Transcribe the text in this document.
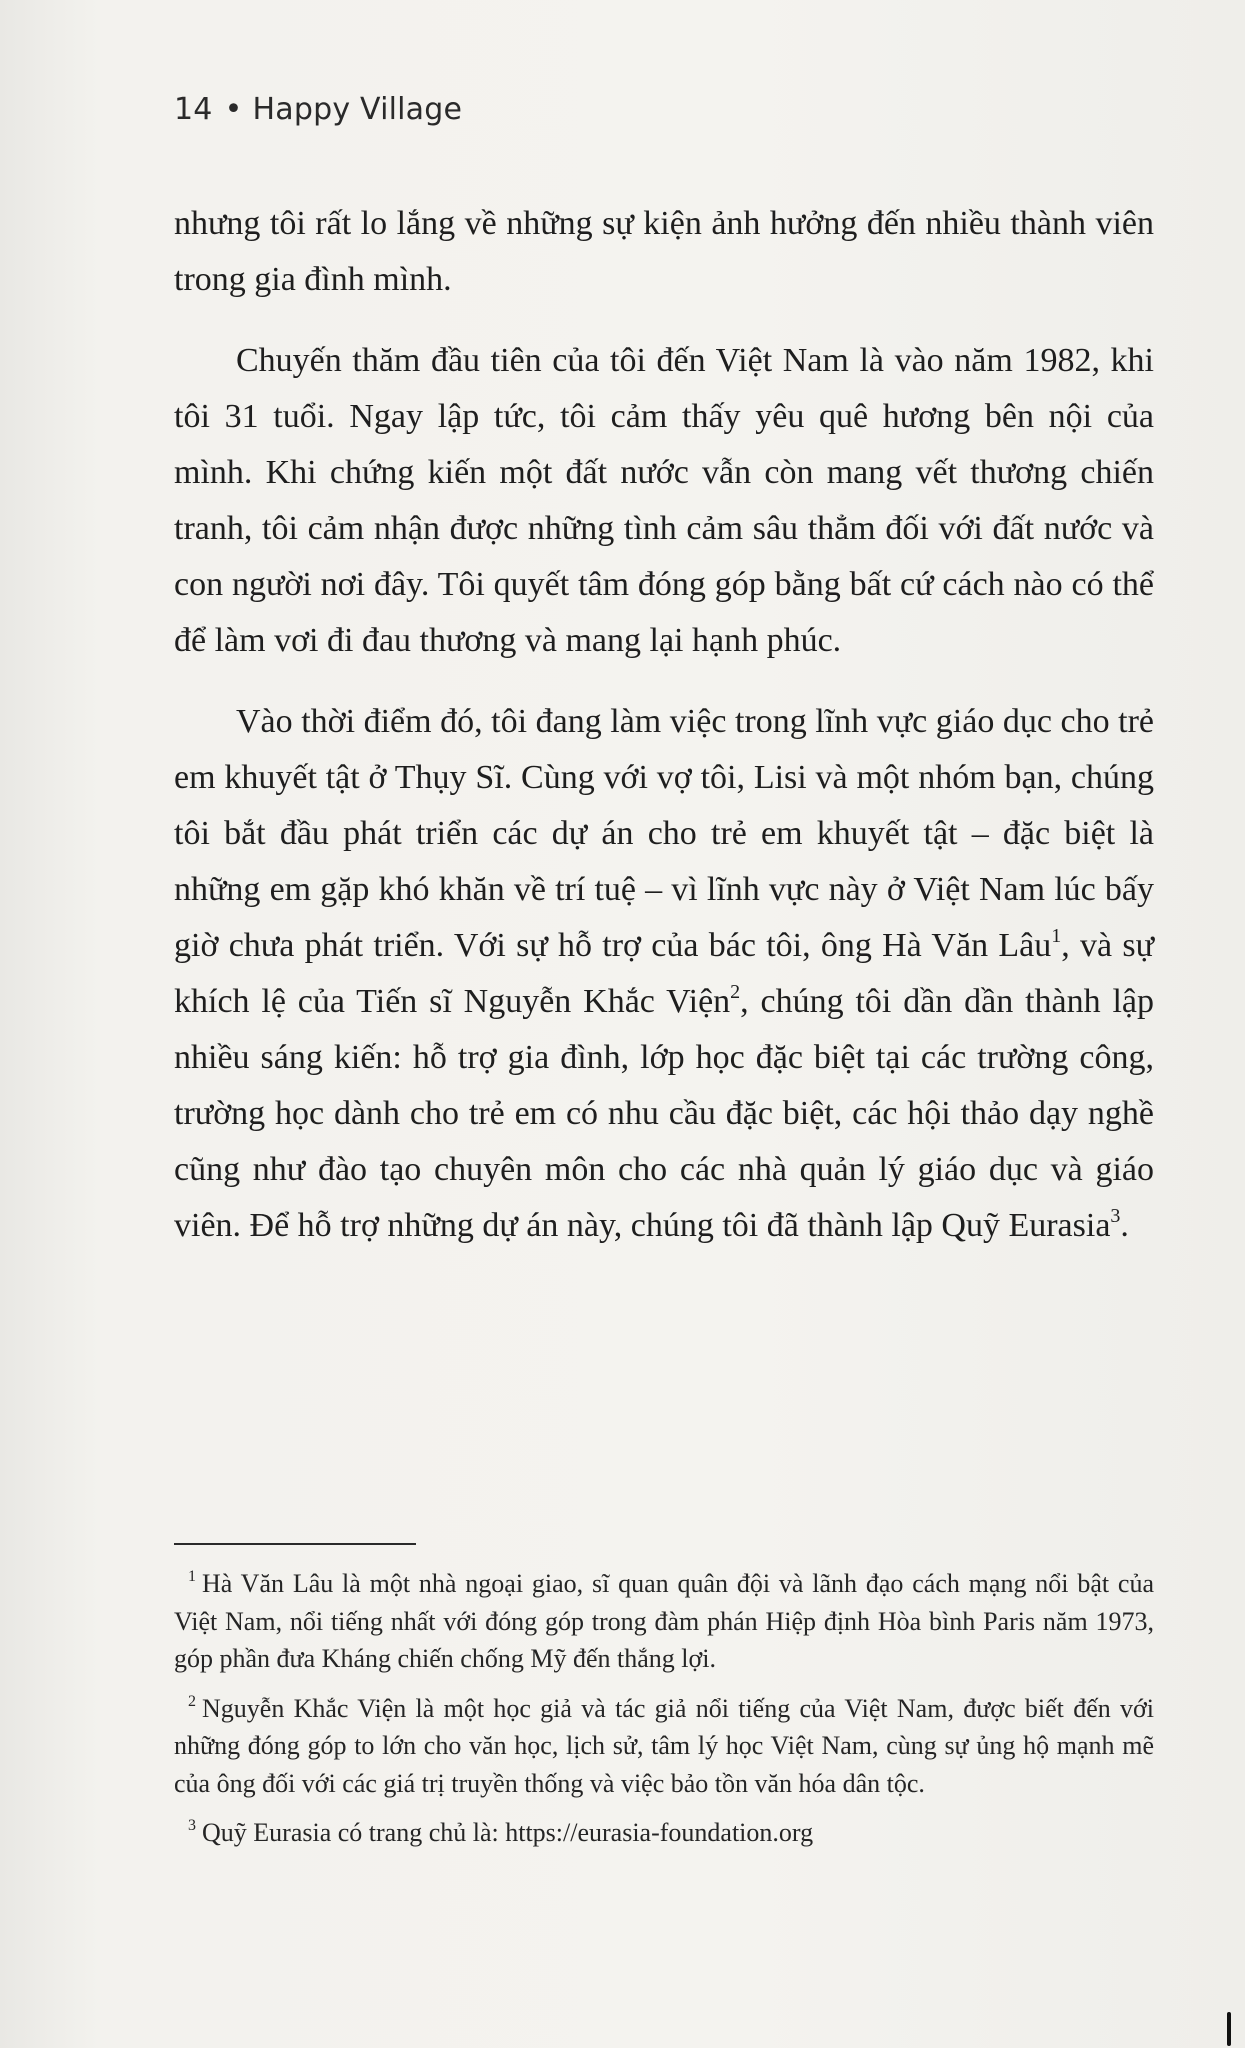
14 • Happy Village

nhưng tôi rất lo lắng về những sự kiện ảnh hưởng đến nhiều thành viên trong gia đình mình.

Chuyến thăm đầu tiên của tôi đến Việt Nam là vào năm 1982, khi tôi 31 tuổi. Ngay lập tức, tôi cảm thấy yêu quê hương bên nội của mình. Khi chứng kiến một đất nước vẫn còn mang vết thương chiến tranh, tôi cảm nhận được những tình cảm sâu thẳm đối với đất nước và con người nơi đây. Tôi quyết tâm đóng góp bằng bất cứ cách nào có thể để làm vơi đi đau thương và mang lại hạnh phúc.

Vào thời điểm đó, tôi đang làm việc trong lĩnh vực giáo dục cho trẻ em khuyết tật ở Thụy Sĩ. Cùng với vợ tôi, Lisi và một nhóm bạn, chúng tôi bắt đầu phát triển các dự án cho trẻ em khuyết tật – đặc biệt là những em gặp khó khăn về trí tuệ – vì lĩnh vực này ở Việt Nam lúc bấy giờ chưa phát triển. Với sự hỗ trợ của bác tôi, ông Hà Văn Lâu$^1$, và sự khích lệ của Tiến sĩ Nguyễn Khắc Viện$^2$, chúng tôi dần dần thành lập nhiều sáng kiến: hỗ trợ gia đình, lớp học đặc biệt tại các trường công, trường học dành cho trẻ em có nhu cầu đặc biệt, các hội thảo dạy nghề cũng như đào tạo chuyên môn cho các nhà quản lý giáo dục và giáo viên. Để hỗ trợ những dự án này, chúng tôi đã thành lập Quỹ Eurasia$^3$.

$^1$ Hà Văn Lâu là một nhà ngoại giao, sĩ quan quân đội và lãnh đạo cách mạng nổi bật của Việt Nam, nổi tiếng nhất với đóng góp trong đàm phán Hiệp định Hòa bình Paris năm 1973, góp phần đưa Kháng chiến chống Mỹ đến thắng lợi.

$^2$ Nguyễn Khắc Viện là một học giả và tác giả nổi tiếng của Việt Nam, được biết đến với những đóng góp to lớn cho văn học, lịch sử, tâm lý học Việt Nam, cùng sự ủng hộ mạnh mẽ của ông đối với các giá trị truyền thống và việc bảo tồn văn hóa dân tộc.

$^3$ Quỹ Eurasia có trang chủ là: https://eurasia-foundation.org
